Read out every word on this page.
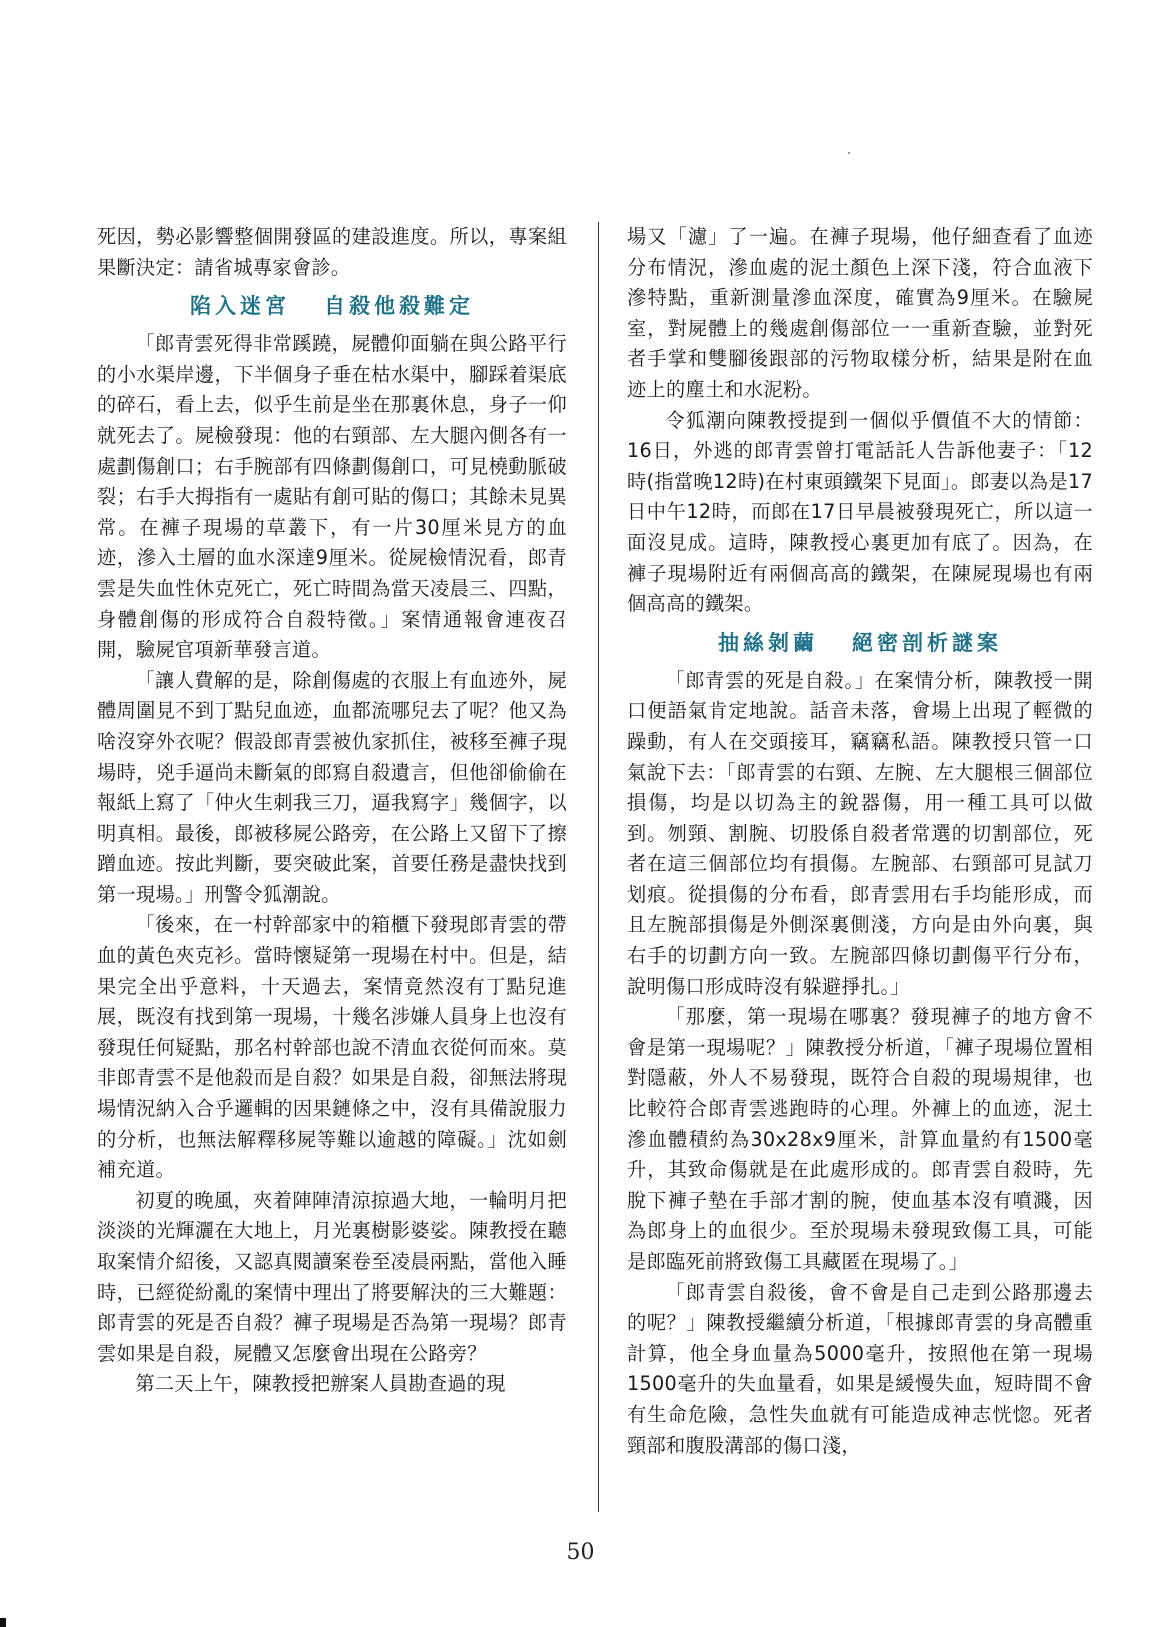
死因，勢必影響整個開發區的建設進度。所以，專案組果斷決定：請省城專家會診。

陷入迷宮 自殺他殺難定

「郎青雲死得非常蹊蹺，屍體仰面躺在與公路平行的小水渠岸邊，下半個身子垂在枯水渠中，腳踩着渠底的碎石，看上去，似乎生前是坐在那裏休息，身子一仰就死去了。屍檢發現：他的右頸部、左大腿內側各有一處劃傷創口；右手腕部有四條劃傷創口，可見橈動脈破裂；右手大拇指有一處貼有創可貼的傷口；其餘未見異常。在褲子現場的草叢下，有一片30厘米見方的血迹，滲入土層的血水深達9厘米。從屍檢情況看，郎青雲是失血性休克死亡，死亡時間為當天凌晨三、四點，身體創傷的形成符合自殺特徵。」案情通報會連夜召開，驗屍官項新華發言道。

「讓人費解的是，除創傷處的衣服上有血迹外，屍體周圍見不到丁點兒血迹，血都流哪兒去了呢？他又為啥沒穿外衣呢？假設郎青雲被仇家抓住，被移至褲子現場時，兇手逼尚未斷氣的郎寫自殺遺言，但他卻偷偷在報紙上寫了「仲火生刺我三刀，逼我寫字」幾個字，以明真相。最後，郎被移屍公路旁，在公路上又留下了擦蹭血迹。按此判斷，要突破此案，首要任務是盡快找到第一現場。」刑警令狐潮說。

「後來，在一村幹部家中的箱櫃下發現郎青雲的帶血的黃色夾克衫。當時懷疑第一現場在村中。但是，結果完全出乎意料，十天過去，案情竟然沒有丁點兒進展，既沒有找到第一現場，十幾名涉嫌人員身上也沒有發現任何疑點，那名村幹部也說不清血衣從何而來。莫非郎青雲不是他殺而是自殺？如果是自殺，卻無法將現場情況納入合乎邏輯的因果鏈條之中，沒有具備說服力的分析，也無法解釋移屍等難以逾越的障礙。」沈如劍補充道。

初夏的晚風，夾着陣陣清涼掠過大地，一輪明月把淡淡的光輝灑在大地上，月光裏樹影婆娑。陳教授在聽取案情介紹後，又認真閱讀案卷至凌晨兩點，當他入睡時，已經從紛亂的案情中理出了將要解決的三大難題：郎青雲的死是否自殺？褲子現場是否為第一現場？郎青雲如果是自殺，屍體又怎麼會出現在公路旁？

第二天上午，陳教授把辦案人員勘查過的現

場又「濾」了一遍。在褲子現場，他仔細查看了血迹分布情況，滲血處的泥土顏色上深下淺，符合血液下滲特點，重新測量滲血深度，確實為9厘米。在驗屍室，對屍體上的幾處創傷部位一一重新查驗，並對死者手掌和雙腳後跟部的污物取樣分析，結果是附在血迹上的塵土和水泥粉。

令狐潮向陳教授提到一個似乎價值不大的情節：16日，外逃的郎青雲曾打電話託人告訴他妻子：「12時(指當晚12時)在村東頭鐵架下見面」。郎妻以為是17日中午12時，而郎在17日早晨被發現死亡，所以這一面沒見成。這時，陳教授心裏更加有底了。因為，在褲子現場附近有兩個高高的鐵架，在陳屍現場也有兩個高高的鐵架。

抽絲剝繭 絕密剖析謎案

「郎青雲的死是自殺。」在案情分析，陳教授一開口便語氣肯定地說。話音未落，會場上出現了輕微的躁動，有人在交頭接耳，竊竊私語。陳教授只管一口氣說下去：「郎青雲的右頸、左腕、左大腿根三個部位損傷，均是以切為主的銳器傷，用一種工具可以做到。刎頸、割腕、切股係自殺者常選的切割部位，死者在這三個部位均有損傷。左腕部、右頸部可見試刀划痕。從損傷的分布看，郎青雲用右手均能形成，而且左腕部損傷是外側深裏側淺，方向是由外向裏，與右手的切劃方向一致。左腕部四條切劃傷平行分布，說明傷口形成時沒有躲避掙扎。」

「那麼，第一現場在哪裏？發現褲子的地方會不會是第一現場呢？」陳教授分析道，「褲子現場位置相對隱蔽，外人不易發現，既符合自殺的現場規律，也比較符合郎青雲逃跑時的心理。外褲上的血迹，泥土滲血體積約為30x28x9厘米，計算血量約有1500毫升，其致命傷就是在此處形成的。郎青雲自殺時，先脫下褲子墊在手部才割的腕，使血基本沒有噴濺，因為郎身上的血很少。至於現場未發現致傷工具，可能是郎臨死前將致傷工具藏匿在現場了。」

「郎青雲自殺後，會不會是自己走到公路那邊去的呢？」陳教授繼續分析道，「根據郎青雲的身高體重計算，他全身血量為5000毫升，按照他在第一現場1500毫升的失血量看，如果是緩慢失血，短時間不會有生命危險，急性失血就有可能造成神志恍惚。死者頸部和腹股溝部的傷口淺，

50
